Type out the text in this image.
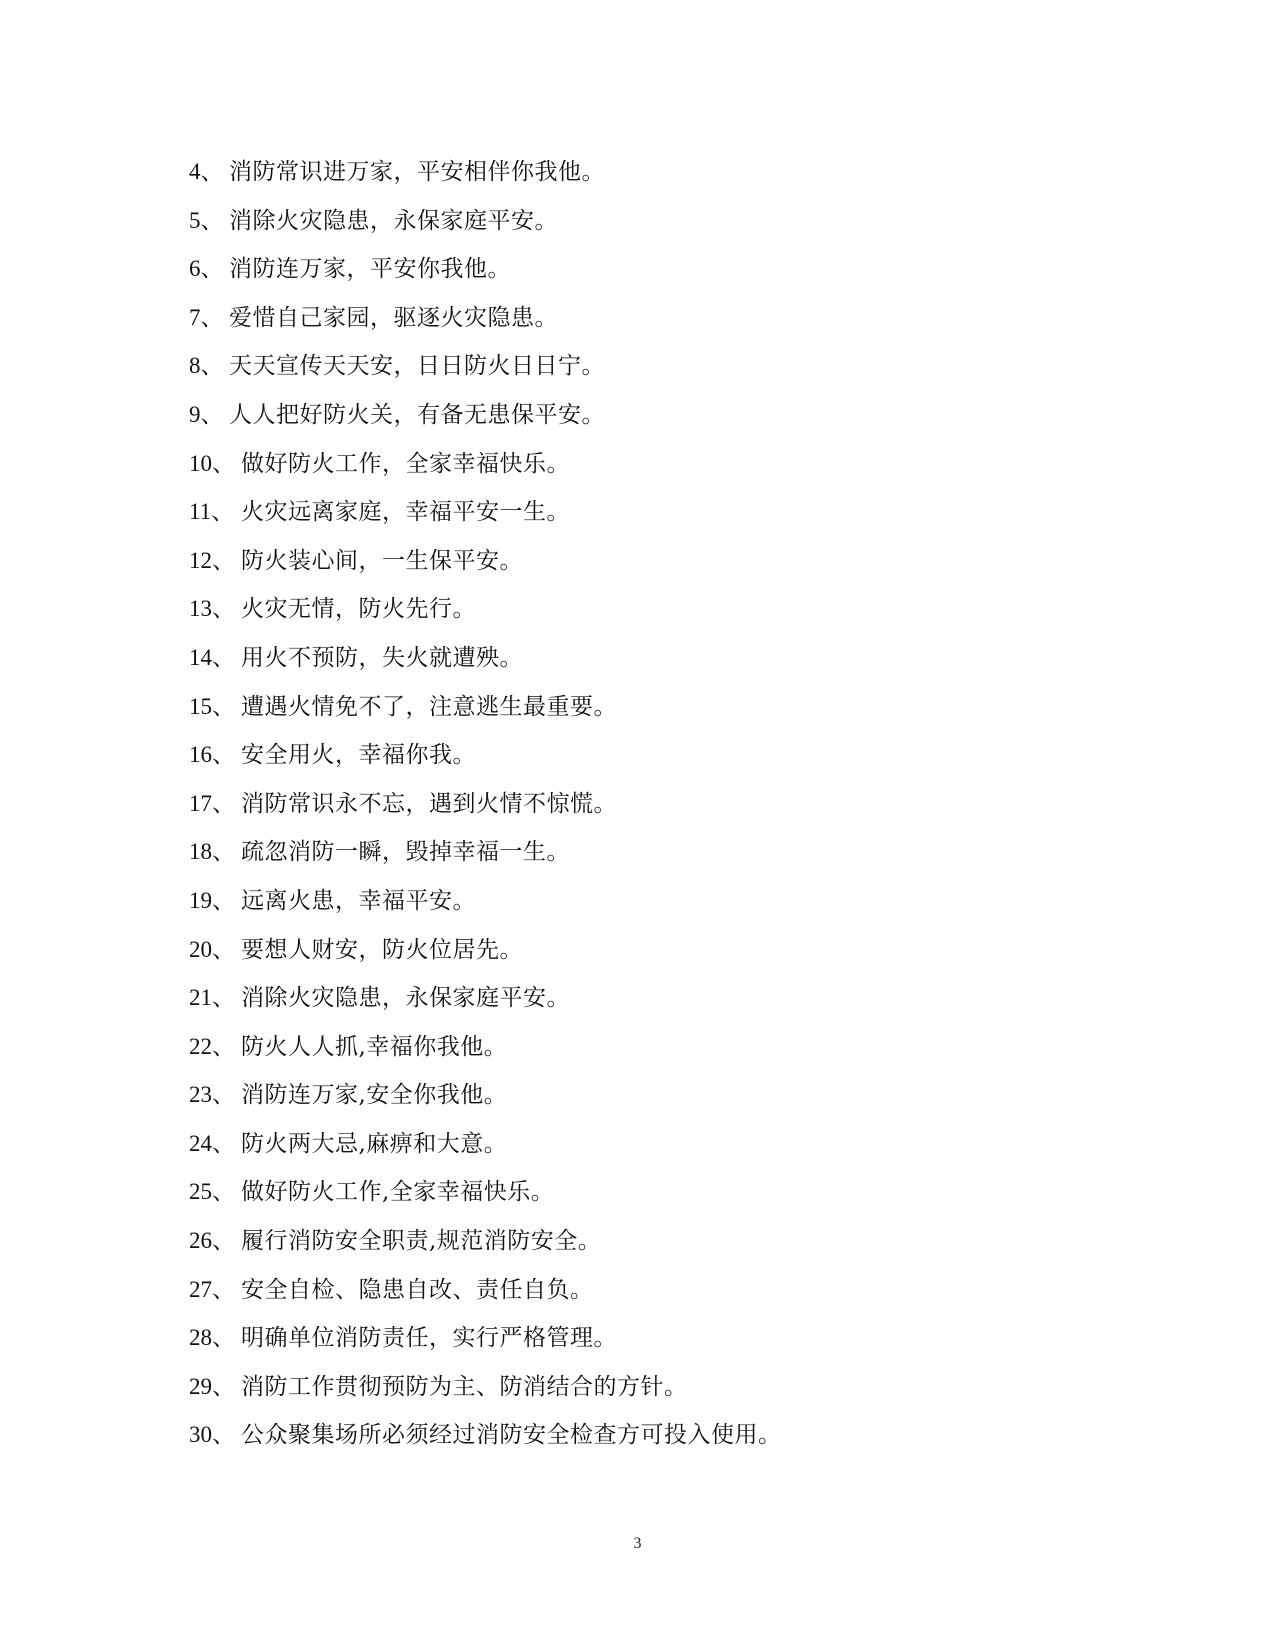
4、 消防常识进万家，平安相伴你我他。
5、 消除火灾隐患，永保家庭平安。
6、 消防连万家，平安你我他。
7、 爱惜自己家园，驱逐火灾隐患。
8、 天天宣传天天安，日日防火日日宁。
9、 人人把好防火关，有备无患保平安。
10、 做好防火工作，全家幸福快乐。
11、 火灾远离家庭，幸福平安一生。
12、 防火装心间，一生保平安。
13、 火灾无情，防火先行。
14、 用火不预防，失火就遭殃。
15、 遭遇火情免不了，注意逃生最重要。
16、 安全用火，幸福你我。
17、 消防常识永不忘，遇到火情不惊慌。
18、 疏忽消防一瞬，毁掉幸福一生。
19、 远离火患，幸福平安。
20、 要想人财安，防火位居先。
21、 消除火灾隐患，永保家庭平安。
22、 防火人人抓,幸福你我他。
23、 消防连万家,安全你我他。
24、 防火两大忌,麻痹和大意。
25、 做好防火工作,全家幸福快乐。
26、 履行消防安全职责,规范消防安全。
27、 安全自检、隐患自改、责任自负。
28、 明确单位消防责任，实行严格管理。
29、 消防工作贯彻预防为主、防消结合的方针。
30、 公众聚集场所必须经过消防安全检查方可投入使用。
3
